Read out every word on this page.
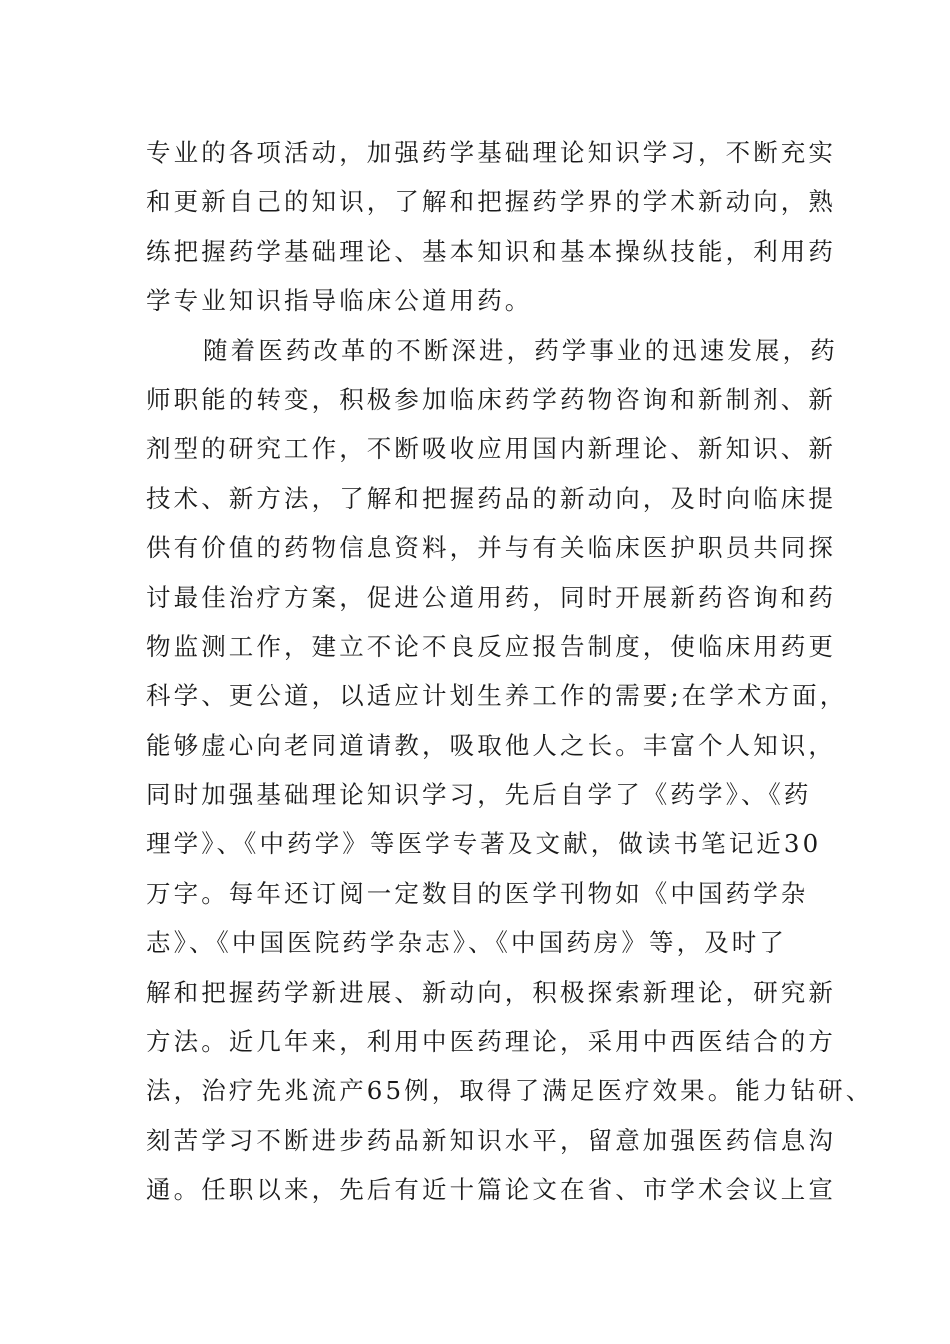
专业的各项活动，加强药学基础理论知识学习，不断充实
和更新自己的知识，了解和把握药学界的学术新动向，熟
练把握药学基础理论、基本知识和基本操纵技能，利用药
学专业知识指导临床公道用药。
随着医药改革的不断深进，药学事业的迅速发展，药
师职能的转变，积极参加临床药学药物咨询和新制剂、新
剂型的研究工作，不断吸收应用国内新理论、新知识、新
技术、新方法，了解和把握药品的新动向，及时向临床提
供有价值的药物信息资料，并与有关临床医护职员共同探
讨最佳治疗方案，促进公道用药，同时开展新药咨询和药
物监测工作，建立不论不良反应报告制度，使临床用药更
科学、更公道，以适应计划生养工作的需要;在学术方面，
能够虚心向老同道请教，吸取他人之长。丰富个人知识，
同时加强基础理论知识学习，先后自学了《药学》、《药
理学》、《中药学》等医学专著及文献，做读书笔记近30
万字。每年还订阅一定数目的医学刊物如《中国药学杂
志》、《中国医院药学杂志》、《中国药房》等，及时了
解和把握药学新进展、新动向，积极探索新理论，研究新
方法。近几年来，利用中医药理论，采用中西医结合的方
法，治疗先兆流产65例，取得了满足医疗效果。能力钻研、
刻苦学习不断进步药品新知识水平，留意加强医药信息沟
通。任职以来，先后有近十篇论文在省、市学术会议上宣
